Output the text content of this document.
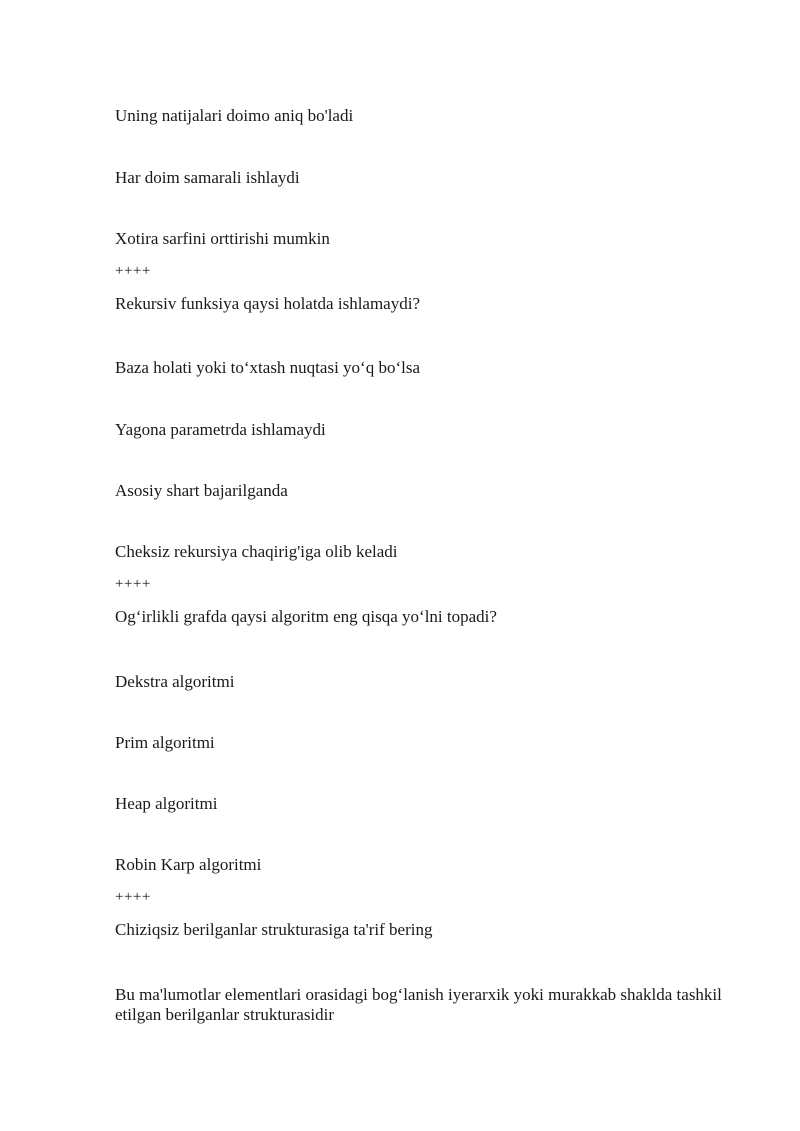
Uning natijalari doimo aniq bo'ladi
Har doim samarali ishlaydi
Xotira sarfini orttirishi mumkin
++++
Rekursiv funksiya qaysi holatda ishlamaydi?
Baza holati yoki to‘xtash nuqtasi yo‘q bo‘lsa
Yagona parametrda ishlamaydi
Asosiy shart bajarilganda
Cheksiz rekursiya chaqirig'iga olib keladi
++++
Og‘irlikli grafda qaysi algoritm eng qisqa yo‘lni topadi?
Dekstra algoritmi
Prim algoritmi
Heap algoritmi
Robin Karp algoritmi
++++
Chiziqsiz berilganlar strukturasiga ta'rif bering
Bu ma'lumotlar elementlari orasidagi bog‘lanish iyerarxik yoki murakkab shaklda tashkil etilgan berilganlar strukturasidir
